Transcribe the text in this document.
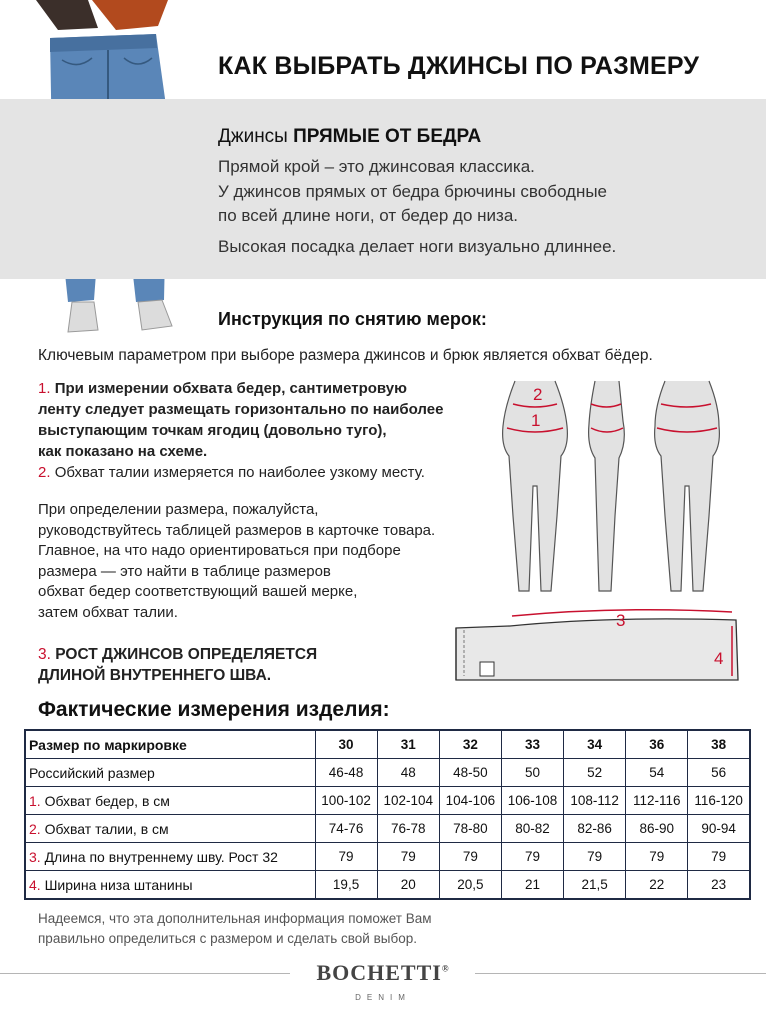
КАК ВЫБРАТЬ ДЖИНСЫ ПО РАЗМЕРУ
Джинсы ПРЯМЫЕ ОТ БЕДРА
Прямой крой – это джинсовая классика.
У джинсов прямых от бедра брючины свободные
по всей длине ноги, от бедер до низа.
Высокая посадка делает ноги визуально длиннее.
Инструкция по снятию мерок:
Ключевым параметром при выборе размера джинсов и брюк является обхват бёдер.
1. При измерении обхвата бедер, сантиметровую
ленту следует размещать горизонтально по наиболее
выступающим точкам ягодиц (довольно туго),
как показано на схеме.
2. Обхват талии измеряется по наиболее узкому месту.
При определении размера, пожалуйста,
руководствуйтесь таблицей размеров в карточке товара.
Главное, на что надо ориентироваться при подборе
размера — это найти в таблице размеров
обхват бедер соответствующий вашей мерке,
затем обхват талии.
3. РОСТ ДЖИНСОВ ОПРЕДЕЛЯЕТСЯ
ДЛИНОЙ ВНУТРЕННЕГО ШВА.
2
1
3
4
Фактические измерения изделия:
Размер по маркировке	30	31	32	33	34	36	38
Российский размер	46-48	48	48-50	50	52	54	56
1. Обхват бедер, в см	100-102	102-104	104-106	106-108	108-112	112-116	116-120
2. Обхват талии, в см	74-76	76-78	78-80	80-82	82-86	86-90	90-94
3. Длина по внутреннему шву. Рост 32	79	79	79	79	79	79	79
4. Ширина низа штанины	19,5	20	20,5	21	21,5	22	23
Надеемся, что эта дополнительная информация поможет Вам
правильно определиться с размером и сделать свой выбор.
BOCHETTI®
DENIM
